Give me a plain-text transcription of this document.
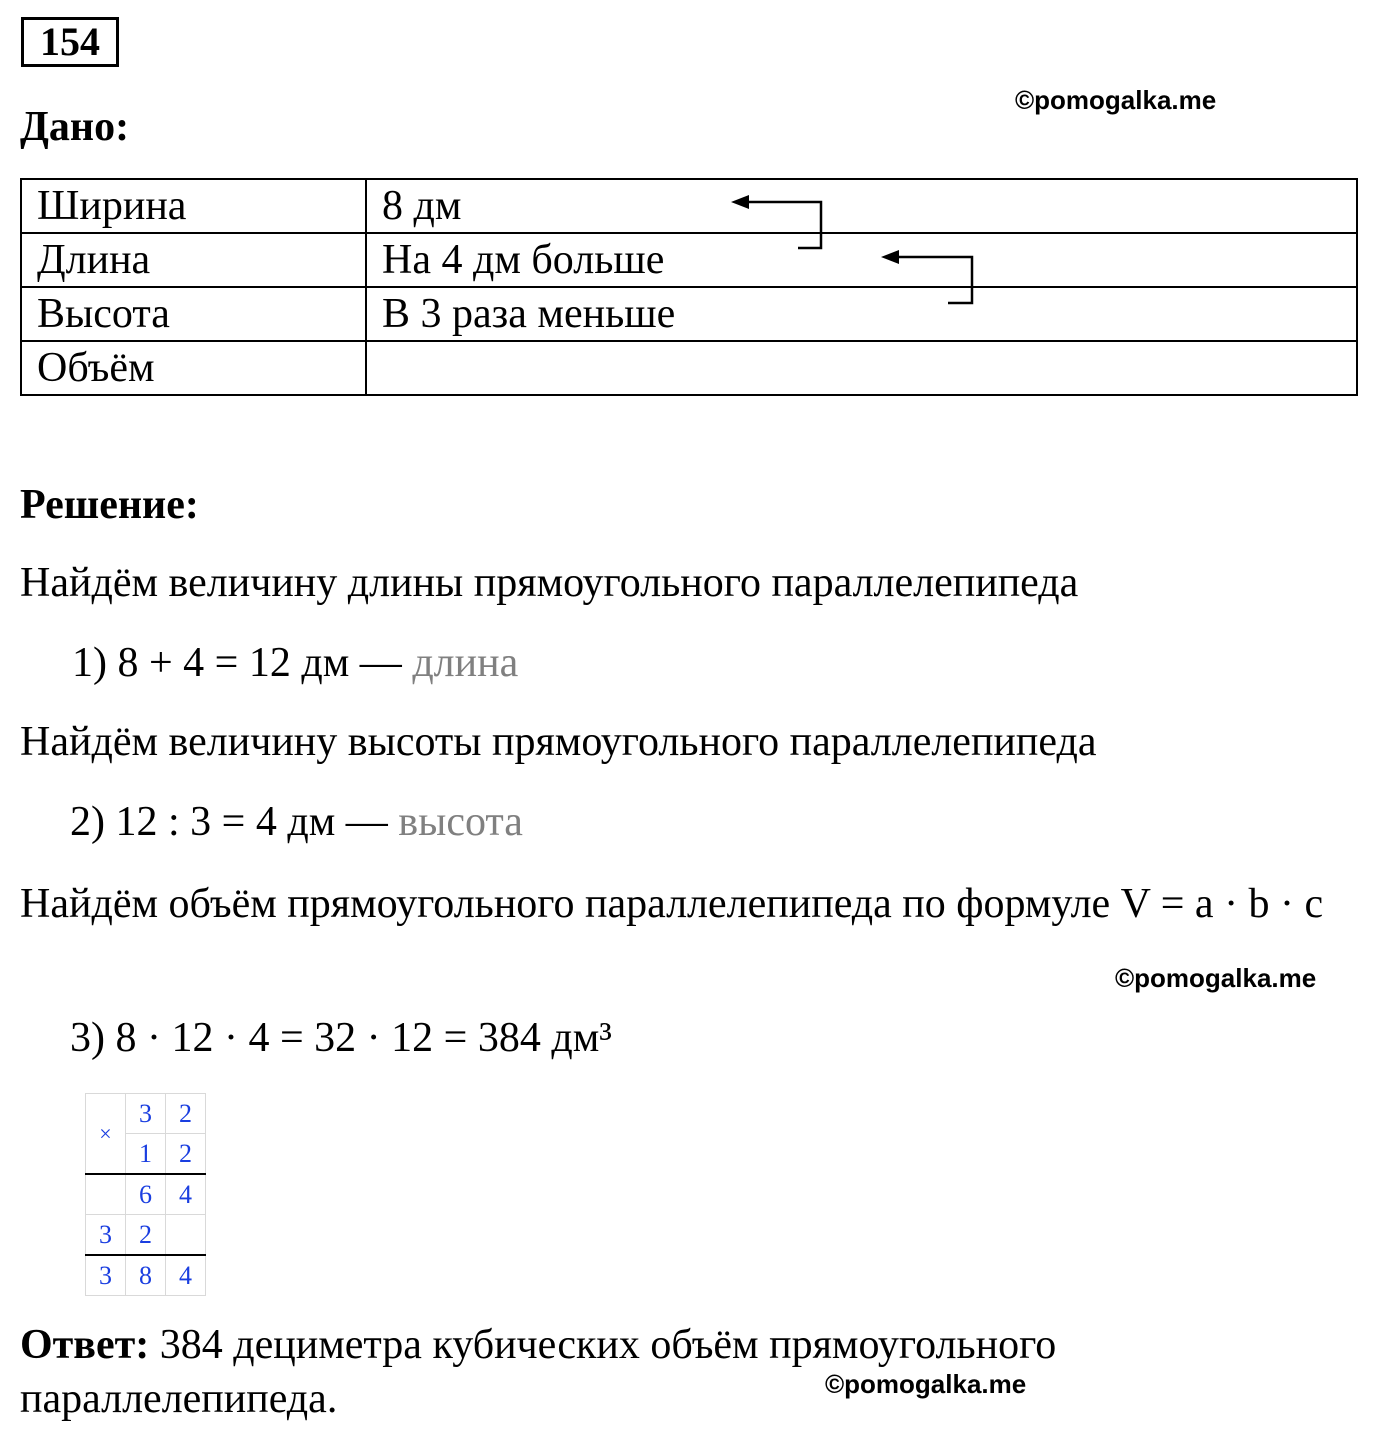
154
©pomogalka.me
Дано:
Ширина	8 дм
Длина	На 4 дм больше
Высота	В 3 раза меньше
Объём	
Решение:
Найдём величину длины прямоугольного параллелепипеда
1) 8 + 4 = 12 дм — длина
Найдём величину высоты прямоугольного параллелепипеда
2) 12 : 3 = 4 дм — высота
Найдём объём прямоугольного параллелепипеда по формуле V = a · b · c
©pomogalka.me
3) 8 · 12 · 4 = 32 · 12 = 384 дм³
×	3	2
	1	2
	6	4
3	2	
3	8	4
Ответ: 384 дециметра кубических объём прямоугольного параллелепипеда.	©pomogalka.me
